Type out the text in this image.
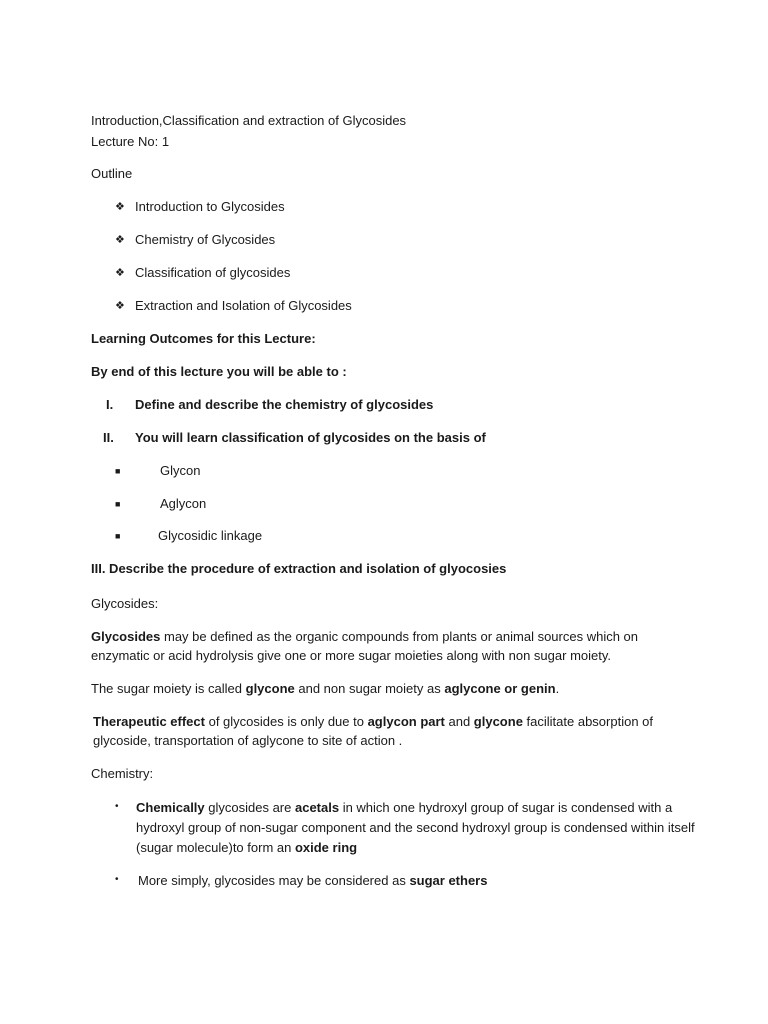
Introduction,Classification and extraction of Glycosides
Lecture No: 1
Outline
❖ Introduction to Glycosides
❖ Chemistry of Glycosides
❖ Classification of glycosides
❖ Extraction and Isolation of Glycosides
Learning Outcomes for this Lecture:
By end of this lecture you will be able to :
I. Define and describe the chemistry of glycosides
II. You will learn classification of glycosides on the basis of
■	Glycon
■	Aglycon
■	Glycosidic linkage
III. Describe the procedure of extraction and isolation of glyocosies
Glycosides:
Glycosides may be defined as the organic compounds from plants or animal sources which on enzymatic or acid hydrolysis give one or more sugar moieties along with non sugar moiety.
The sugar moiety is called glycone and non sugar moiety as aglycone or genin.
Therapeutic effect of glycosides is only due to aglycon part and glycone facilitate absorption of glycoside, transportation of aglycone to site of action .
Chemistry:
• Chemically glycosides are acetals in which one hydroxyl group of sugar is condensed with a hydroxyl group of non-sugar component and the second hydroxyl group is condensed within itself (sugar molecule)to form an oxide ring
• More simply, glycosides may be considered as sugar ethers
